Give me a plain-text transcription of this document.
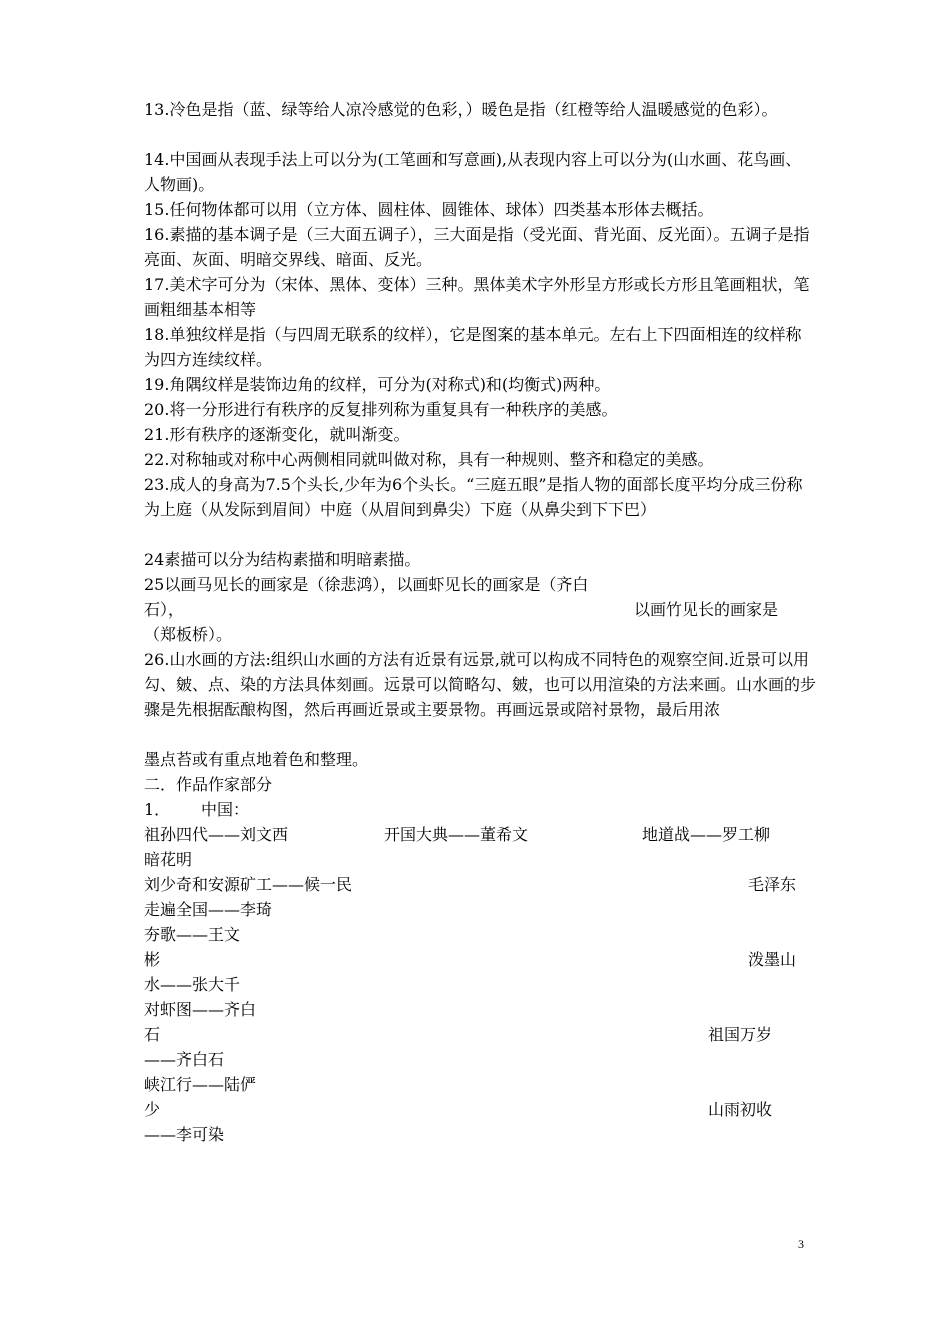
13.冷色是指（蓝、绿等给人凉冷感觉的色彩，）暖色是指（红橙等给人温暖感觉的色彩）。

14.中国画从表现手法上可以分为(工笔画和写意画),从表现内容上可以分为(山水画、花鸟画、人物画)。

15.任何物体都可以用（立方体、圆柱体、圆锥体、球体）四类基本形体去概括。

16.素描的基本调子是（三大面五调子），三大面是指（受光面、背光面、反光面）。五调子是指亮面、灰面、明暗交界线、暗面、反光。

17.美术字可分为（宋体、黑体、变体）三种。黑体美术字外形呈方形或长方形且笔画粗状，笔画粗细基本相等

18.单独纹样是指（与四周无联系的纹样），它是图案的基本单元。左右上下四面相连的纹样称为四方连续纹样。

19.角隅纹样是装饰边角的纹样，可分为(对称式)和(均衡式)两种。

20.将一分形进行有秩序的反复排列称为重复具有一种秩序的美感。

21.形有秩序的逐渐变化，就叫渐变。

22.对称轴或对称中心两侧相同就叫做对称，具有一种规则、整齐和稳定的美感。

23.成人的身高为7.5个头长,少年为6个头长。“三庭五眼”是指人物的面部长度平均分成三份称为上庭（从发际到眉间）中庭（从眉间到鼻尖）下庭（从鼻尖到下下巴）

24素描可以分为结构素描和明暗素描。

25以画马见长的画家是（徐悲鸿），以画虾见长的画家是（齐白
石），	以画竹见长的画家是
（郑板桥）。

26.山水画的方法:组织山水画的方法有近景有远景,就可以构成不同特色的观察空间.近景可以用勾、皴、点、染的方法具体刻画。远景可以简略勾、皴，也可以用渲染的方法来画。山水画的步骤是先根据酝酿构图，然后再画近景或主要景物。再画远景或陪衬景物，最后用浓

墨点苔或有重点地着色和整理。
二．作品作家部分
1． 中国：
祖孙四代——刘文西	开国大典——董希文	地道战——罗工柳
暗花明
刘少奇和安源矿工——候一民	毛泽东
走遍全国——李琦
夯歌——王文
彬	泼墨山
水——张大千
对虾图——齐白
石	祖国万岁
——齐白石
峡江行——陆俨
少	山雨初收
——李可染
3
